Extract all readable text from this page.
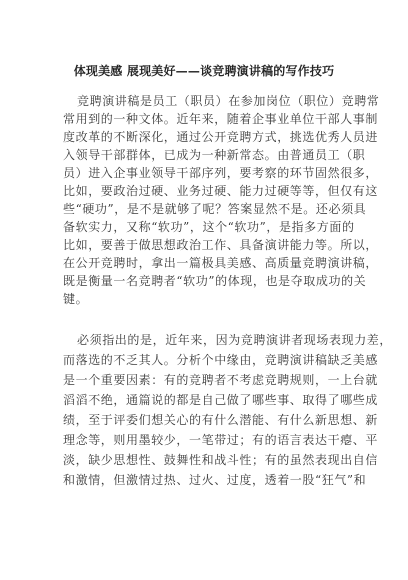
体现美感 展现美好——谈竞聘演讲稿的写作技巧
竞聘演讲稿是员工（职员）在参加岗位（职位）竞聘常
常用到的一种文体。近年来，随着企事业单位干部人事制
度改革的不断深化，通过公开竞聘方式，挑选优秀人员进
入领导干部群体，已成为一种新常态。由普通员工（职
员）进入企事业领导干部序列，要考察的环节固然很多，
比如，要政治过硬、业务过硬、能力过硬等等，但仅有这
些“硬功”，是不是就够了呢？答案显然不是。还必须具
备软实力，又称“软功”，这个“软功”，是指多方面的
比如，要善于做思想政治工作、具备演讲能力等。所以，
在公开竞聘时，拿出一篇极具美感、高质量竞聘演讲稿，
既是衡量一名竞聘者“软功”的体现，也是夺取成功的关
键。
必须指出的是，近年来，因为竞聘演讲者现场表现力差，
而落选的不乏其人。分析个中缘由，竞聘演讲稿缺乏美感
是一个重要因素：有的竞聘者不考虑竞聘规则，一上台就
滔滔不绝，通篇说的都是自己做了哪些事、取得了哪些成
绩，至于评委们想关心的有什么潜能、有什么新思想、新
理念等，则用墨较少，一笔带过；有的语言表达干瘪、平
淡，缺少思想性、鼓舞性和战斗性；有的虽然表现出自信
和激情，但激情过热、过火、过度，透着一股“狂气”和
